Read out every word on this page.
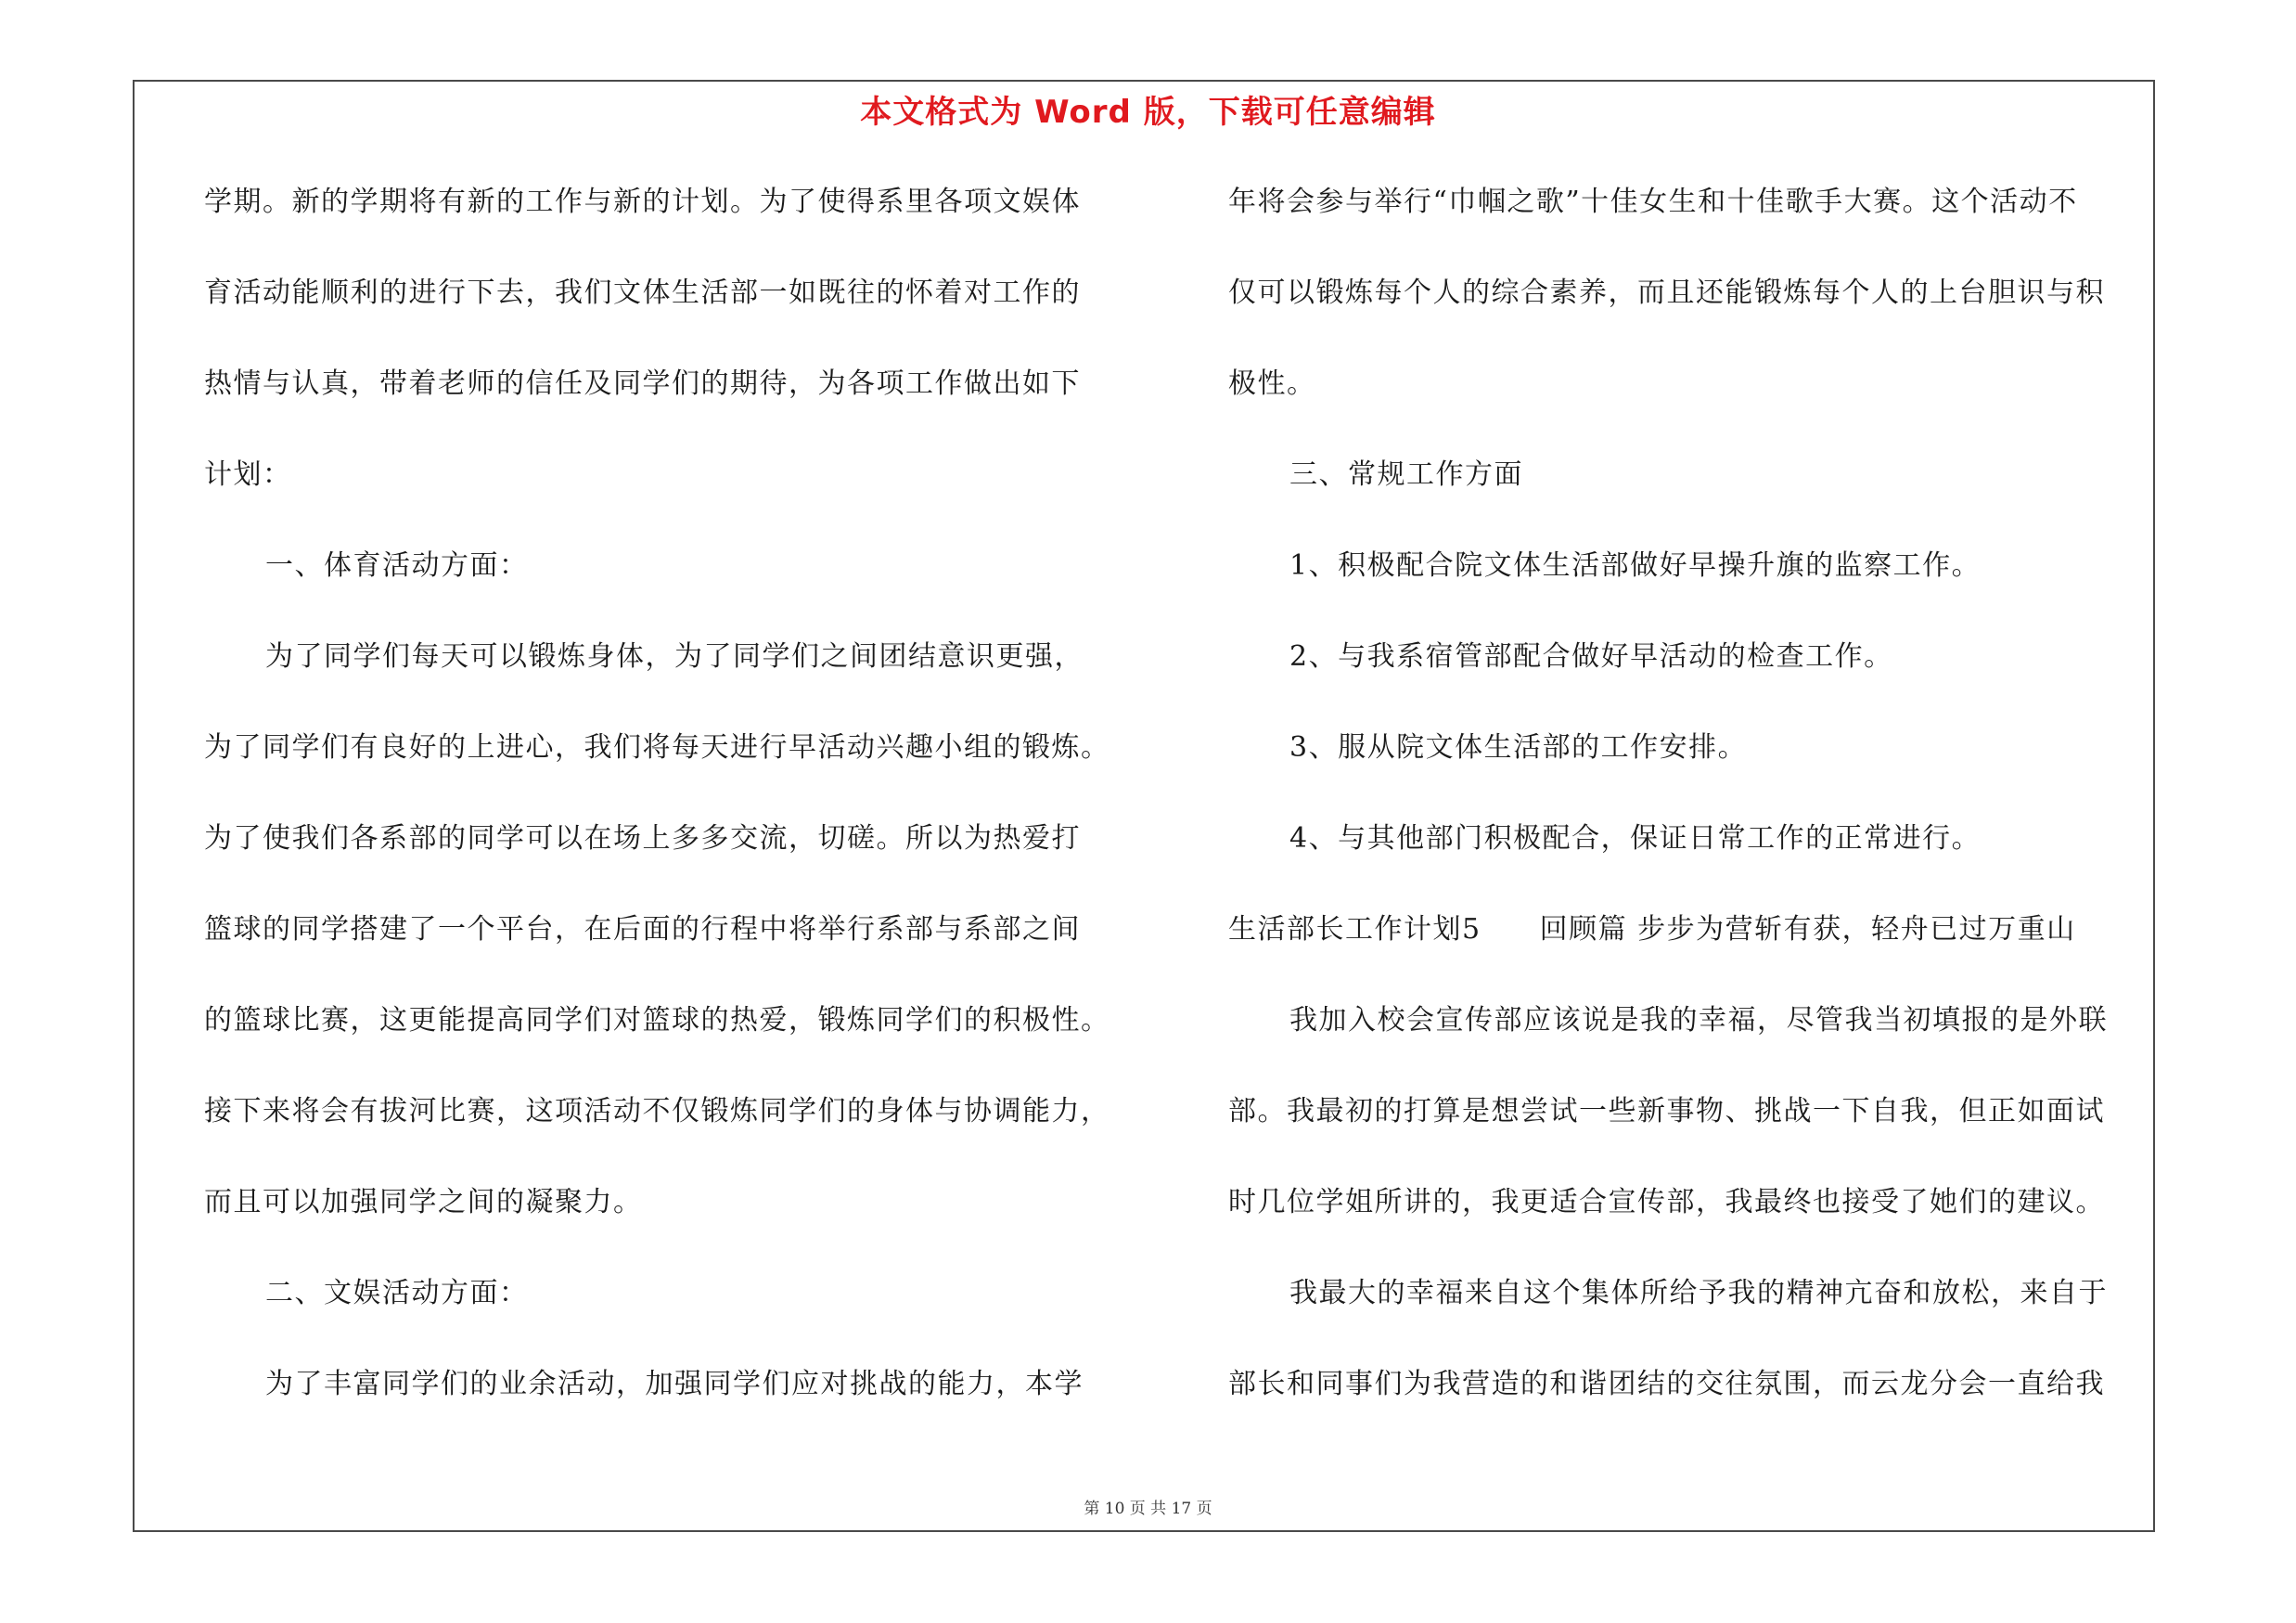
本文格式为 Word 版，下载可任意编辑
学期。新的学期将有新的工作与新的计划。为了使得系里各项文娱体
育活动能顺利的进行下去，我们文体生活部一如既往的怀着对工作的
热情与认真，带着老师的信任及同学们的期待，为各项工作做出如下
计划：
一、体育活动方面：
为了同学们每天可以锻炼身体，为了同学们之间团结意识更强，
为了同学们有良好的上进心，我们将每天进行早活动兴趣小组的锻炼。
为了使我们各系部的同学可以在场上多多交流，切磋。所以为热爱打
篮球的同学搭建了一个平台，在后面的行程中将举行系部与系部之间
的篮球比赛，这更能提高同学们对篮球的热爱，锻炼同学们的积极性。
接下来将会有拔河比赛，这项活动不仅锻炼同学们的身体与协调能力，
而且可以加强同学之间的凝聚力。
二、文娱活动方面：
为了丰富同学们的业余活动，加强同学们应对挑战的能力，本学
年将会参与举行“巾帼之歌”十佳女生和十佳歌手大赛。这个活动不
仅可以锻炼每个人的综合素养，而且还能锻炼每个人的上台胆识与积
极性。
三、常规工作方面
1、积极配合院文体生活部做好早操升旗的监察工作。
2、与我系宿管部配合做好早活动的检查工作。
3、服从院文体生活部的工作安排。
4、与其他部门积极配合，保证日常工作的正常进行。
生活部长工作计划5　　回顾篇 步步为营斩有获，轻舟已过万重山
我加入校会宣传部应该说是我的幸福，尽管我当初填报的是外联
部。我最初的打算是想尝试一些新事物、挑战一下自我，但正如面试
时几位学姐所讲的，我更适合宣传部，我最终也接受了她们的建议。
我最大的幸福来自这个集体所给予我的精神亢奋和放松，来自于
部长和同事们为我营造的和谐团结的交往氛围，而云龙分会一直给我
第 10 页 共 17 页
